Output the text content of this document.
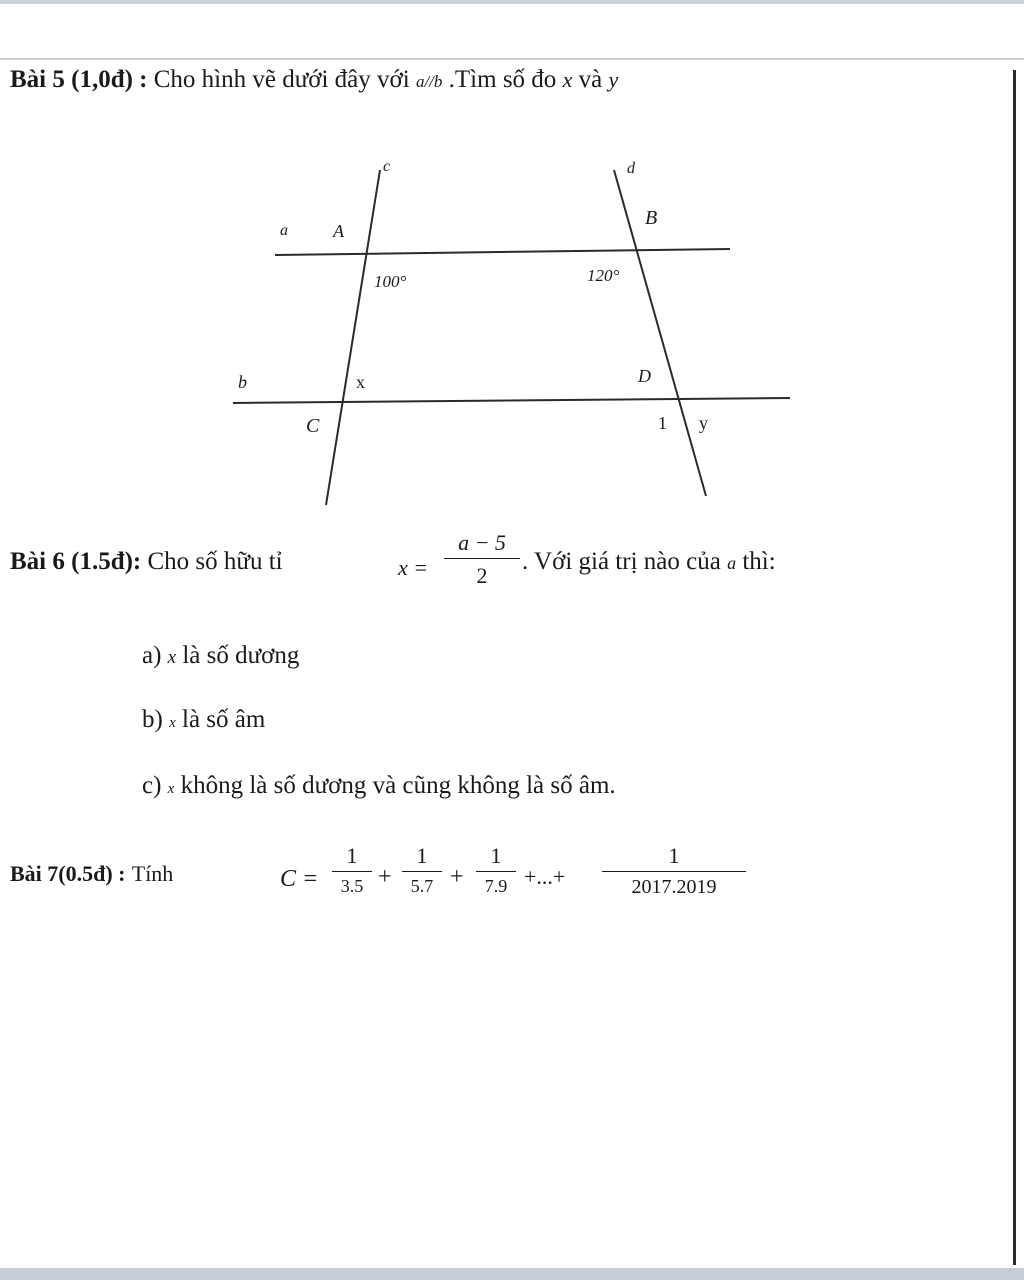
Bài 5 (1,0đ) : Cho hình vẽ dưới đây với a//b .Tìm số đo x và y
c	d
a	A
B
100°	120°
b	x	D
C	1 y
Bài 6 (1.5đ): Cho số hữu tỉ	$x = \frac{a - 5}{2}$ . Với giá trị nào của a thì:
a) x là số dương
b) x là số âm
c) x không là số dương và cũng không là số âm.
Bài 7(0.5đ) : Tính	C =
1
3.5 +
1
5.7 +
1
7.9 +...+ $\frac{1}{2017.2019}$
